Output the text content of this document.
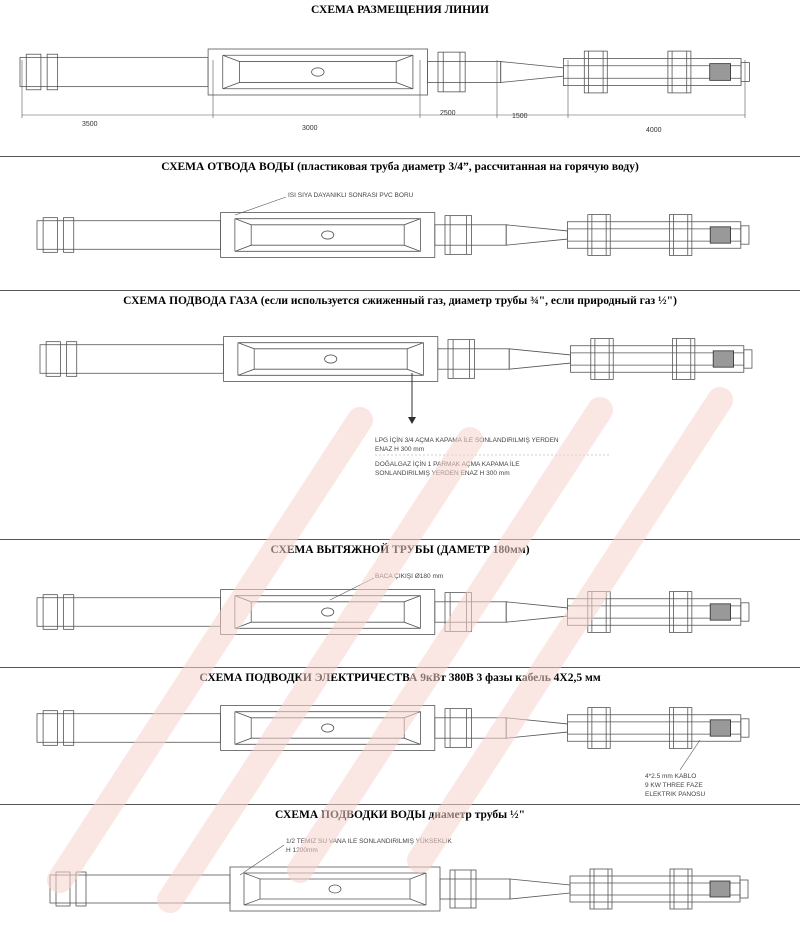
СХЕМА РАЗМЕЩЕНИЯ ЛИНИИ
3500
3000
2500	1500
4000
СХЕМА ОТВОДА ВОДЫ (пластиковая труба диаметр 3/4”, рассчитанная на горячую воду)
ISI SIYA DAYANIKLI SONRASI PVC BORU
СХЕМА ПОДВОДА ГАЗА (если используется сжиженный газ, диаметр трубы ¾", если природный газ ½")
LPG İÇİN 3/4 AÇMA KAPAMA İLE SONLANDIRILMIŞ YERDEN
ENAZ H 300 mm
DOĞALGAZ İÇİN 1 PARMAK AÇMA KAPAMA İLE
SONLANDIRILMIŞ YERDEN ENAZ H 300 mm
СХЕМА ВЫТЯЖНОЙ ТРУБЫ (ДАМЕТР 180мм)
BACA ÇIKIŞI Ø180 mm
СХЕМА ПОДВОДКИ ЭЛЕКТРИЧЕСТВА 9кВт 380В 3 фазы кабель 4Х2,5 мм
4*2.5 mm KABLO
9 KW THREE FAZE
ELEKTRIK PANOSU
СХЕМА ПОДВОДКИ ВОДЫ диаметр трубы ½"
1/2 TEMIZ SU VANA ILE SONLANDIRILMIŞ YÜKSEKLIK
H 1200mm
